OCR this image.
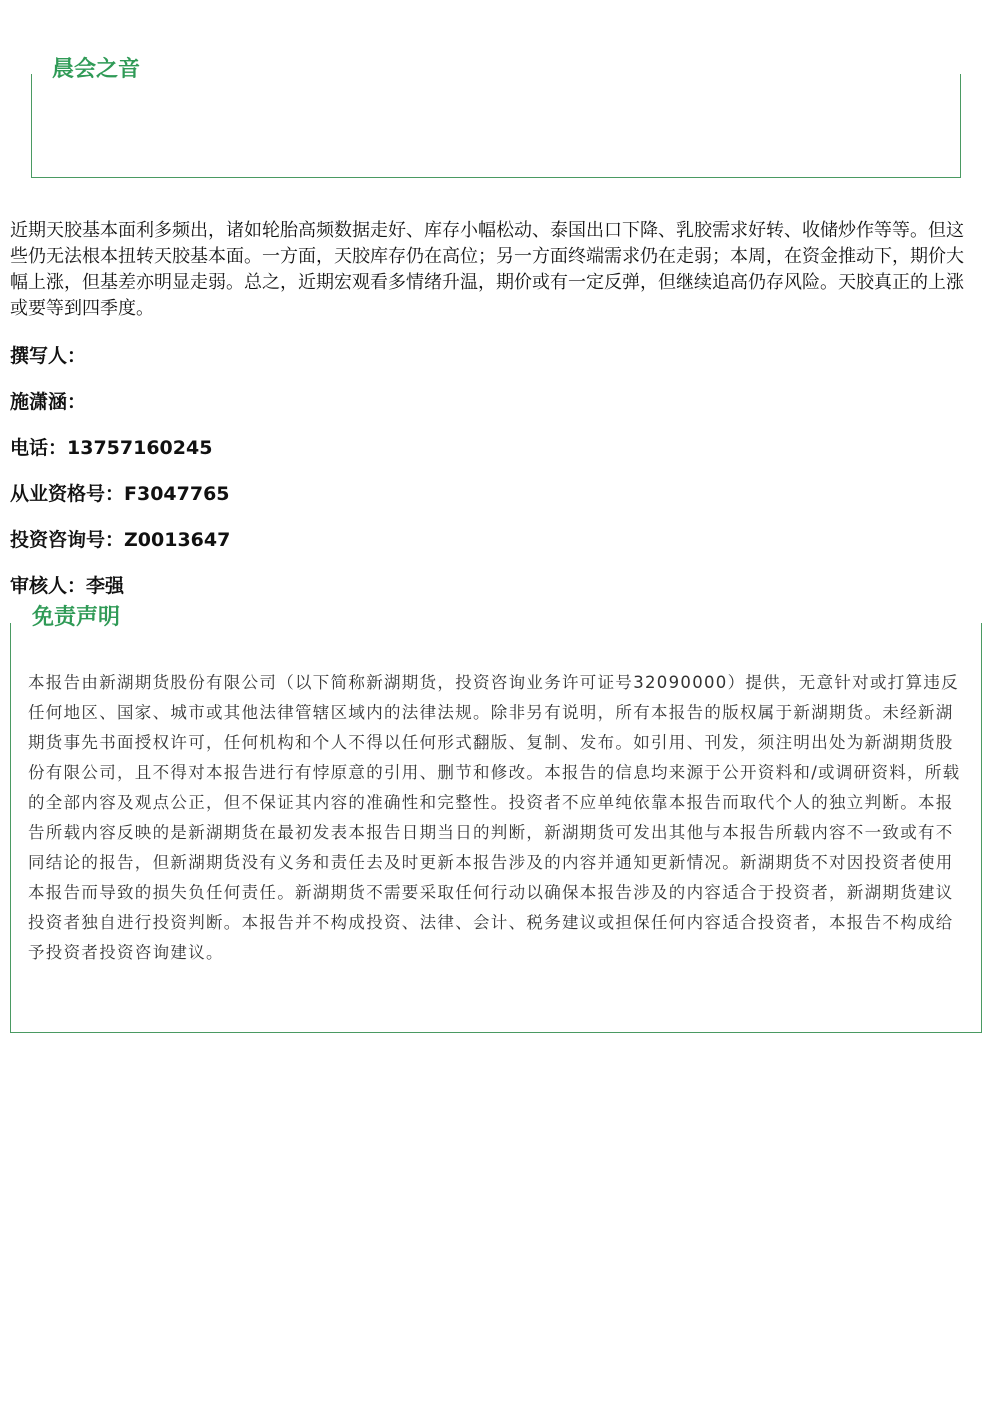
晨会之音

近期天胶基本面利多频出，诸如轮胎高频数据走好、库存小幅松动、泰国出口下降、乳胶需求好转、收储炒作等等。但这些仍无法根本扭转天胶基本面。一方面，天胶库存仍在高位；另一方面终端需求仍在走弱；本周，在资金推动下，期价大幅上涨，但基差亦明显走弱。总之，近期宏观看多情绪升温，期价或有一定反弹，但继续追高仍存风险。天胶真正的上涨或要等到四季度。

撰写人：

施潇涵：

电话：13757160245

从业资格号：F3047765

投资咨询号：Z0013647

审核人：李强

免责声明

本报告由新湖期货股份有限公司（以下简称新湖期货，投资咨询业务许可证号32090000）提供，无意针对或打算违反任何地区、国家、城市或其他法律管辖区域内的法律法规。除非另有说明，所有本报告的版权属于新湖期货。未经新湖期货事先书面授权许可，任何机构和个人不得以任何形式翻版、复制、发布。如引用、刊发，须注明出处为新湖期货股份有限公司，且不得对本报告进行有悖原意的引用、删节和修改。本报告的信息均来源于公开资料和/或调研资料，所载的全部内容及观点公正，但不保证其内容的准确性和完整性。投资者不应单纯依靠本报告而取代个人的独立判断。本报告所载内容反映的是新湖期货在最初发表本报告日期当日的判断，新湖期货可发出其他与本报告所载内容不一致或有不同结论的报告，但新湖期货没有义务和责任去及时更新本报告涉及的内容并通知更新情况。新湖期货不对因投资者使用本报告而导致的损失负任何责任。新湖期货不需要采取任何行动以确保本报告涉及的内容适合于投资者，新湖期货建议投资者独自进行投资判断。本报告并不构成投资、法律、会计、税务建议或担保任何内容适合投资者，本报告不构成给予投资者投资咨询建议。
